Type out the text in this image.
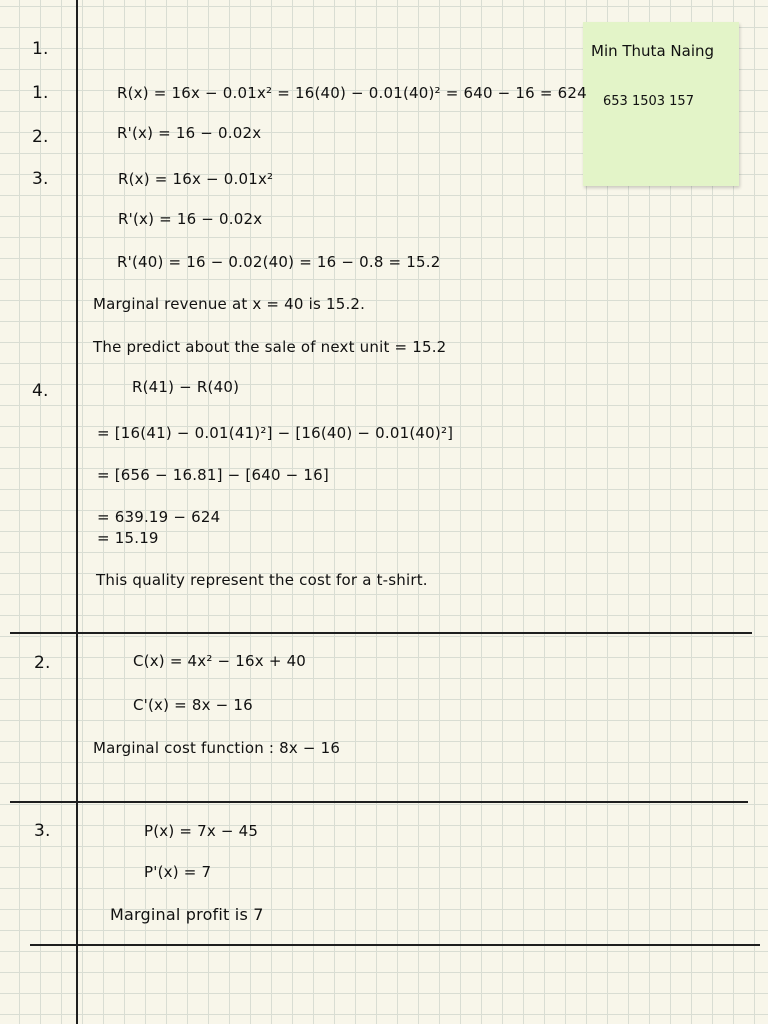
Min Thuta Naing
653 1503 157
1.
1.	R(x) = 16x − 0.01x² = 16(40) − 0.01(40)² = 640 − 16 = 624
2.	R'(x) = 16 − 0.02x
3.	R(x) = 16x − 0.01x²
R'(x) = 16 − 0.02x
R'(40) = 16 − 0.02(40) = 16 − 0.8 = 15.2
Marginal revenue at x = 40 is 15.2.
The predict about the sale of next unit = 15.2
4.	R(41) − R(40)
= [16(41) − 0.01(41)²] − [16(40) − 0.01(40)²]
= [656 − 16.81] − [640 − 16]
= 639.19 − 624
= 15.19
This quality represent the cost for a t-shirt.
2.	C(x) = 4x² − 16x + 40
C'(x) = 8x − 16
Marginal cost function : 8x − 16
3.	P(x) = 7x − 45
P'(x) = 7
Marginal profit is 7
